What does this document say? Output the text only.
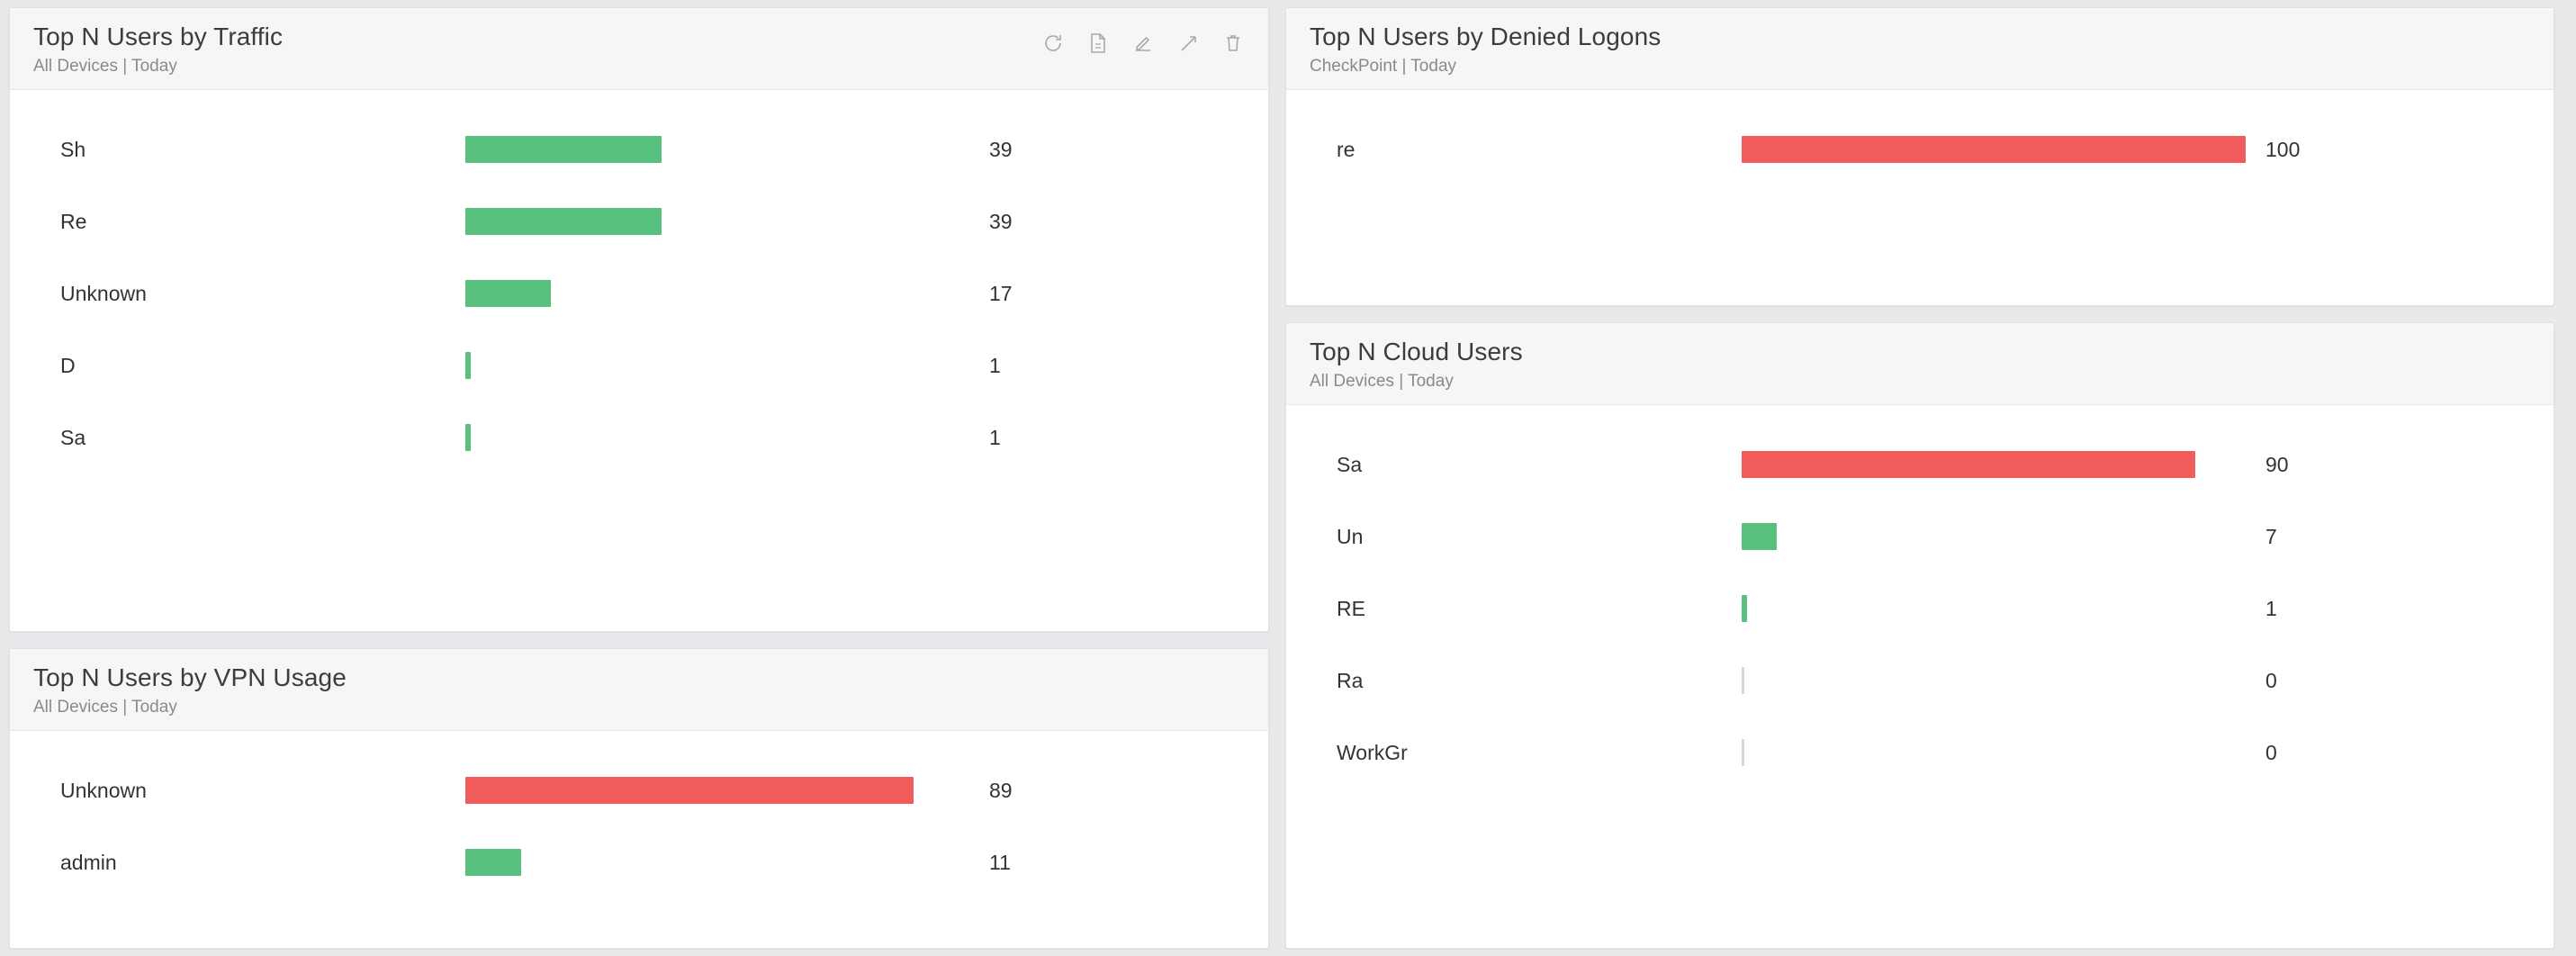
Top N Users by Traffic
All Devices | Today
Sh	39
Re	39
Unknown	17
D	1
Sa	1
Top N Users by VPN Usage
All Devices | Today
Unknown	89
admin	11
Top N Users by Denied Logons
CheckPoint | Today
re	100
Top N Cloud Users
All Devices | Today
Sa	90
Un	7
RE	1
Ra	0
WorkGr	0
